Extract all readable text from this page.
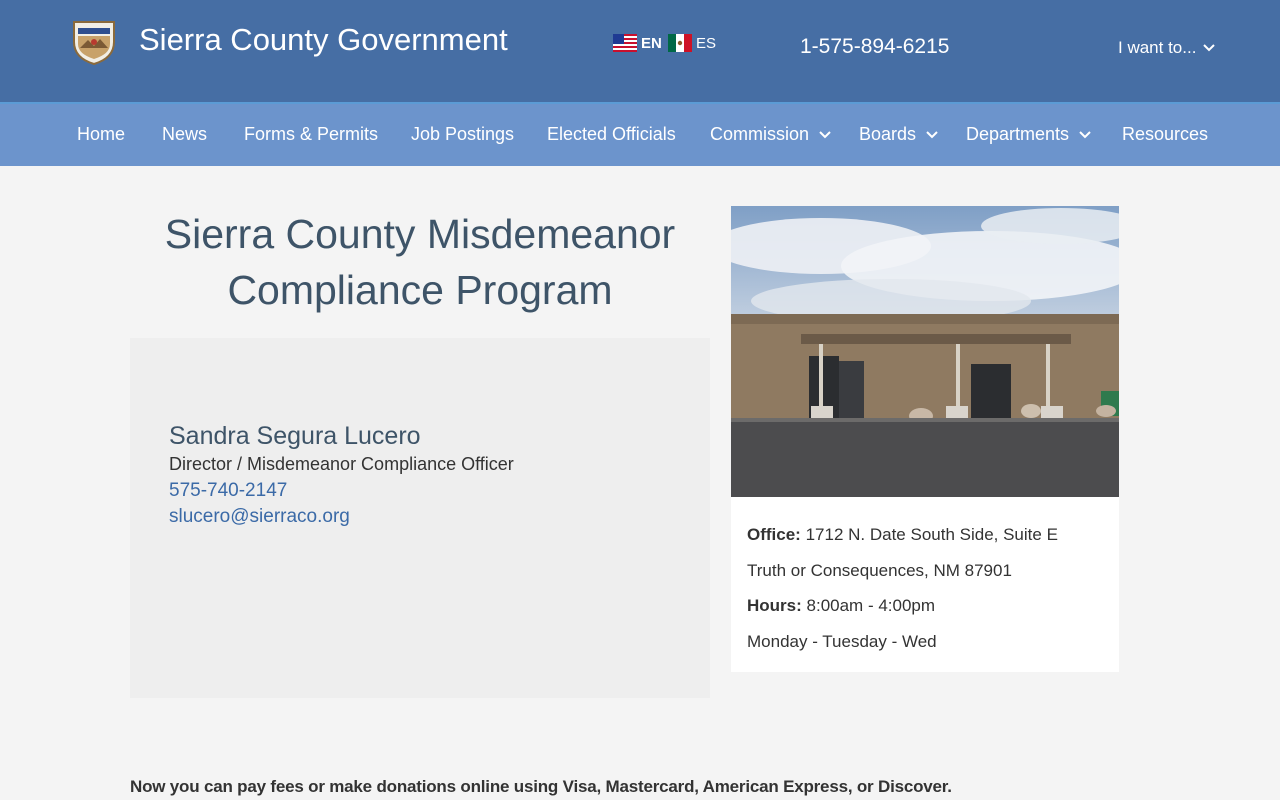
Sierra County Government	EN ES	1-575-894-6215	I want to...
Home News Forms & Permits Job Postings Elected Officials Commission	Boards	Departments	Resources
Sierra County Misdemeanor
Compliance Program
Sandra Segura Lucero
Director / Misdemeanor Compliance Officer
575-740-2147
slucero@sierraco.org
Office: 1712 N. Date South Side, Suite E
Truth or Consequences, NM 87901
Hours: 8:00am - 4:00pm
Monday - Tuesday - Wed
Now you can pay fees or make donations online using Visa, Mastercard, American Express, or Discover.
